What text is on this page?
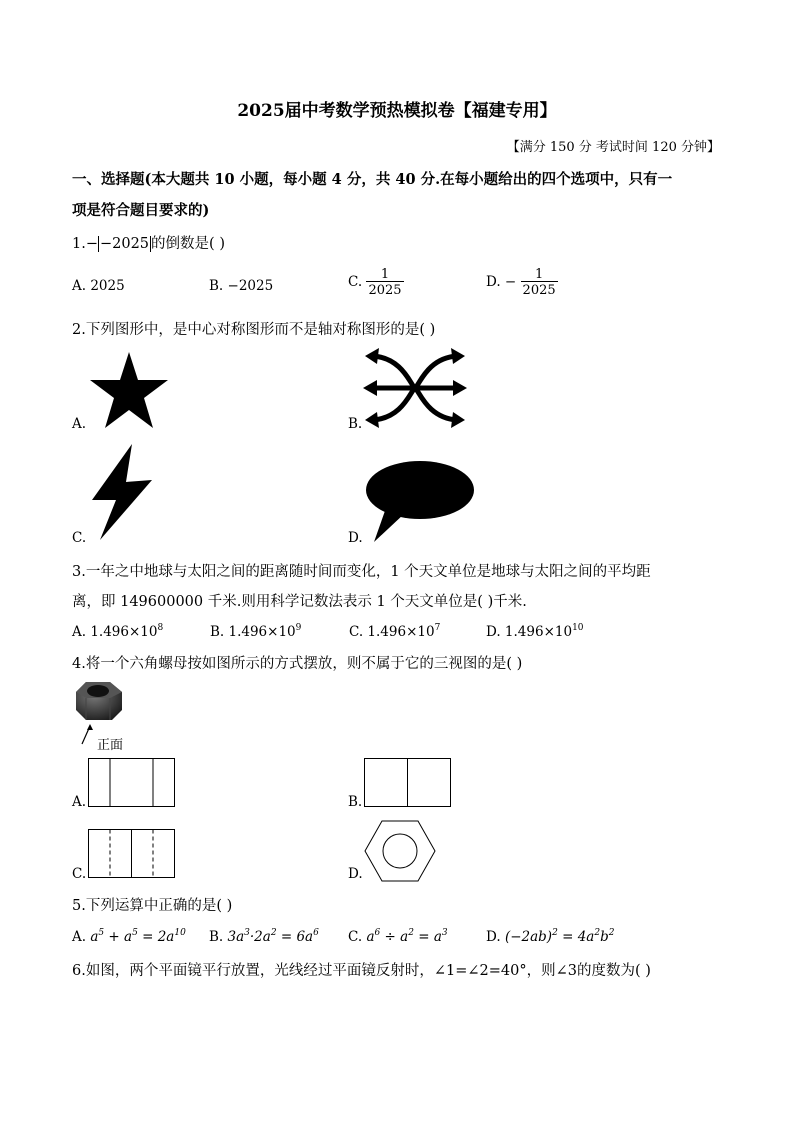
2025届中考数学预热模拟卷【福建专用】
【满分 150 分 考试时间 120 分钟】
一、选择题(本大题共 10 小题，每小题 4 分，共 40 分.在每小题给出的四个选项中，只有一
项是符合题目要求的)
1.− −2025 的倒数是( )
A. 2025	B. −2025	C. $\frac{1}{2025}$	D. − $\frac{1}{2025}$
2.下列图形中，是中心对称图形而不是轴对称图形的是( )
A.	B.
C.	D.
3.一年之中地球与太阳之间的距离随时间而变化，1 个天文单位是地球与太阳之间的平均距
离，即 149600000 千米.则用科学记数法表示 1 个天文单位是( )千米.
A. $1.496\times 10^8$	B. $1.496\times 10^9$	C. $1.496\times 10^7$	D. $1.496\times 10^{10}$
4.将一个六角螺母按如图所示的方式摆放，则不属于它的三视图的是( )
正面
A.	B.
C.	D.
5.下列运算中正确的是( )
A. $a^5 + a^5 = 2a^{10}$ B. $3a^3\cdot 2a^2 = 6a^6$ C. $a^6 \div a^2 = a^3$	D. $(-2ab)^2 = 4a^2b^2$
6.如图，两个平面镜平行放置，光线经过平面镜反射时，∠1=∠2=40°，则∠3的度数为( )
